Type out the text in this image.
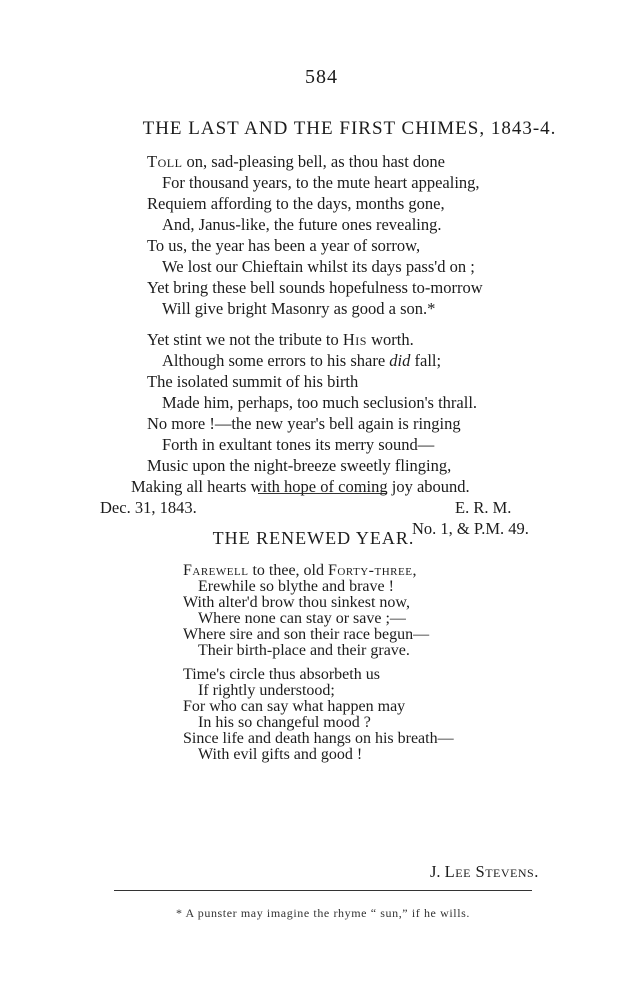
584
THE LAST AND THE FIRST CHIMES, 1843-4.
Toll on, sad-pleasing bell, as thou hast done
For thousand years, to the mute heart appealing,
Requiem affording to the days, months gone,
And, Janus-like, the future ones revealing.
To us, the year has been a year of sorrow,
We lost our Chieftain whilst its days pass'd on ;
Yet bring these bell sounds hopefulness to-morrow
Will give bright Masonry as good a son.*
Yet stint we not the tribute to His worth.
Although some errors to his share did fall;
The isolated summit of his birth
Made him, perhaps, too much seclusion's thrall.
No more !—the new year's bell again is ringing
Forth in exultant tones its merry sound—
Music upon the night-breeze sweetly flinging,
Making all hearts with hope of coming joy abound.
Dec. 31, 1843.	E. R. M.
No. 1, & P.M. 49.
THE RENEWED YEAR.
Farewell to thee, old Forty-three,
Erewhile so blythe and brave !
With alter'd brow thou sinkest now,
Where none can stay or save ;—
Where sire and son their race begun—
Their birth-place and their grave.
Time's circle thus absorbeth us
If rightly understood;
For who can say what happen may
In his so changeful mood ?
Since life and death hangs on his breath—
With evil gifts and good !
J. Lee Stevens.
* A punster may imagine the rhyme “ sun,” if he wills.
